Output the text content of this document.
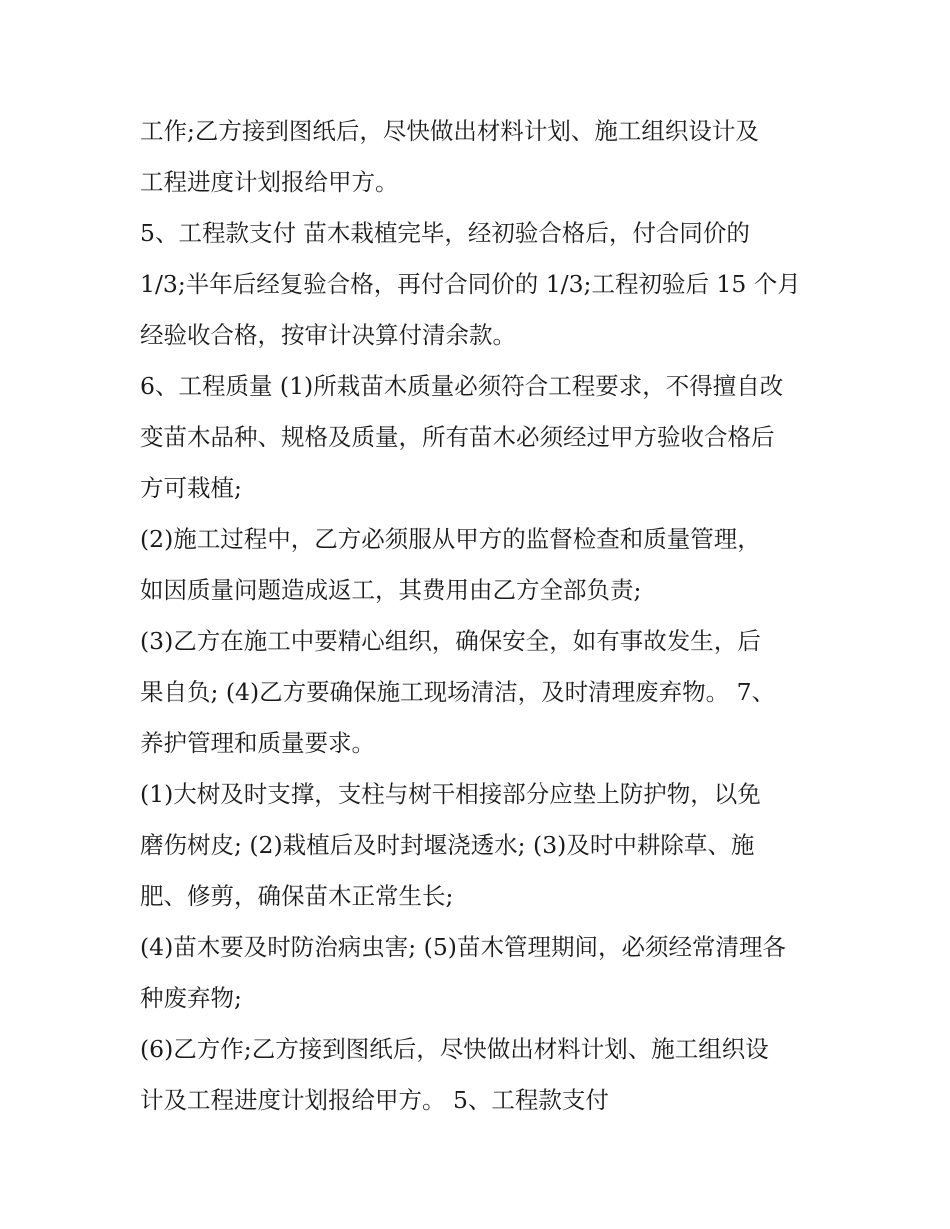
工作;乙方接到图纸后，尽快做出材料计划、施工组织设计及
工程进度计划报给甲方。
5、工程款支付 苗木栽植完毕，经初验合格后，付合同价的
1/3;半年后经复验合格，再付合同价的 1/3;工程初验后 15 个月
经验收合格，按审计决算付清余款。
6、工程质量 (1)所栽苗木质量必须符合工程要求，不得擅自改
变苗木品种、规格及质量，所有苗木必须经过甲方验收合格后
方可栽植;
(2)施工过程中，乙方必须服从甲方的监督检查和质量管理，
如因质量问题造成返工，其费用由乙方全部负责;
(3)乙方在施工中要精心组织，确保安全，如有事故发生，后
果自负; (4)乙方要确保施工现场清洁，及时清理废弃物。 7、
养护管理和质量要求。
(1)大树及时支撑，支柱与树干相接部分应垫上防护物，以免
磨伤树皮; (2)栽植后及时封堰浇透水; (3)及时中耕除草、施
肥、修剪，确保苗木正常生长;
(4)苗木要及时防治病虫害; (5)苗木管理期间，必须经常清理各
种废弃物;
(6)乙方作;乙方接到图纸后，尽快做出材料计划、施工组织设
计及工程进度计划报给甲方。 5、工程款支付
